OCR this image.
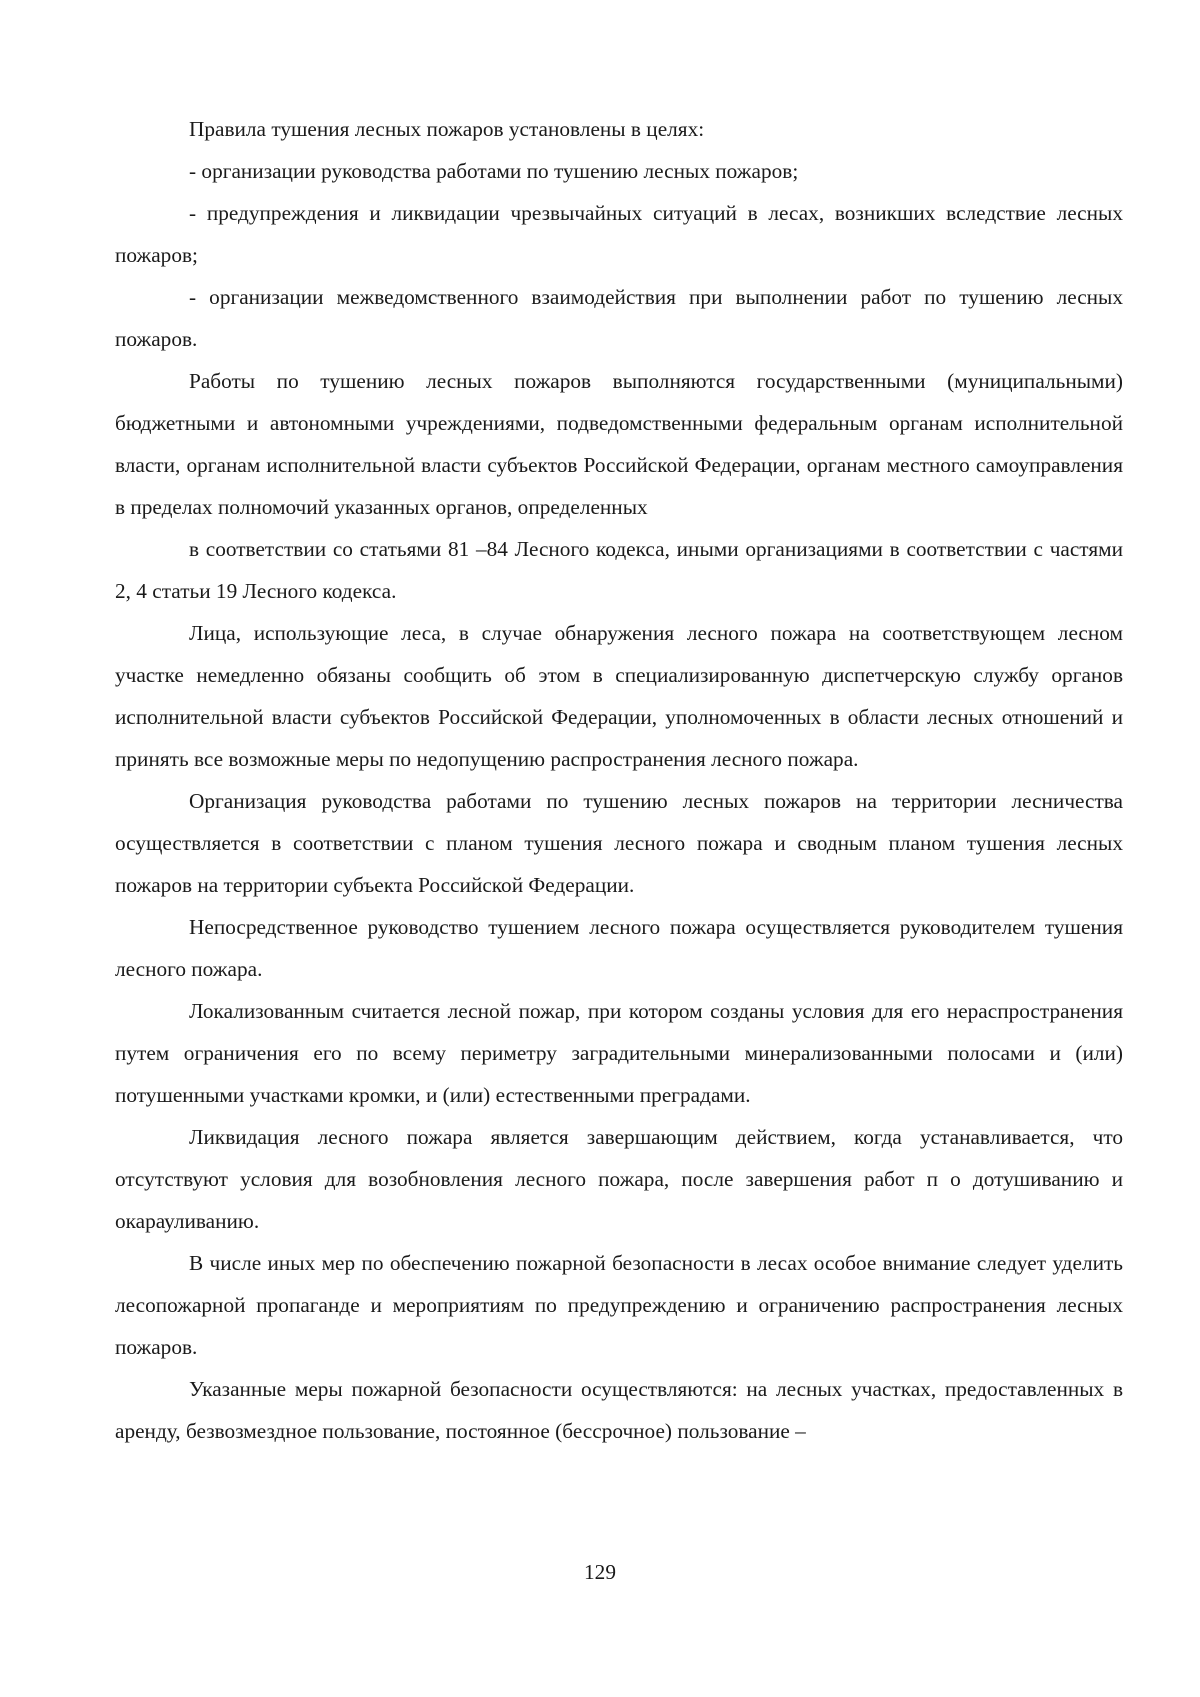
Правила тушения лесных пожаров установлены в целях:

- организации руководства работами по тушению лесных пожаров;

- предупреждения и ликвидации чрезвычайных ситуаций в лесах, возникших вследствие лесных пожаров;

- организации межведомственного взаимодействия при выполнении работ по тушению лесных пожаров.

Работы по тушению лесных пожаров выполняются государственными (муниципальными) бюджетными и автономными учреждениями, подведомственными федеральным органам исполнительной власти, органам исполнительной власти субъектов Российской Федерации, органам местного самоуправления в пределах полномочий указанных органов, определенных

в соответствии со статьями 81 –84 Лесного кодекса, иными организациями в соответствии с частями 2, 4 статьи 19 Лесного кодекса.

Лица, использующие леса, в случае обнаружения лесного пожара на соответствующем лесном участке немедленно обязаны сообщить об этом в специализированную диспетчерскую службу органов исполнительной власти субъектов Российской Федерации, уполномоченных в области лесных отношений и принять все возможные меры по недопущению распространения лесного пожара.

Организация руководства работами по тушению лесных пожаров на территории лесничества осуществляется в соответствии с планом тушения лесного пожара и сводным планом тушения лесных пожаров на территории субъекта Российской Федерации.

Непосредственное руководство тушением лесного пожара осуществляется руководителем тушения лесного пожара.

Локализованным считается лесной пожар, при котором созданы условия для его нераспространения путем ограничения его по всему периметру заградительными минерализованными полосами и (или) потушенными участками кромки, и (или) естественными преградами.

Ликвидация лесного пожара является завершающим действием, когда устанавливается, что отсутствуют условия для возобновления лесного пожара, после завершения работ п о дотушиванию и окарауливанию.

В числе иных мер по обеспечению пожарной безопасности в лесах особое внимание следует уделить лесопожарной пропаганде и мероприятиям по предупреждению и ограничению распространения лесных пожаров.

Указанные меры пожарной безопасности осуществляются: на лесных участках, предоставленных в аренду, безвозмездное пользование, постоянное (бессрочное) пользование –

129
